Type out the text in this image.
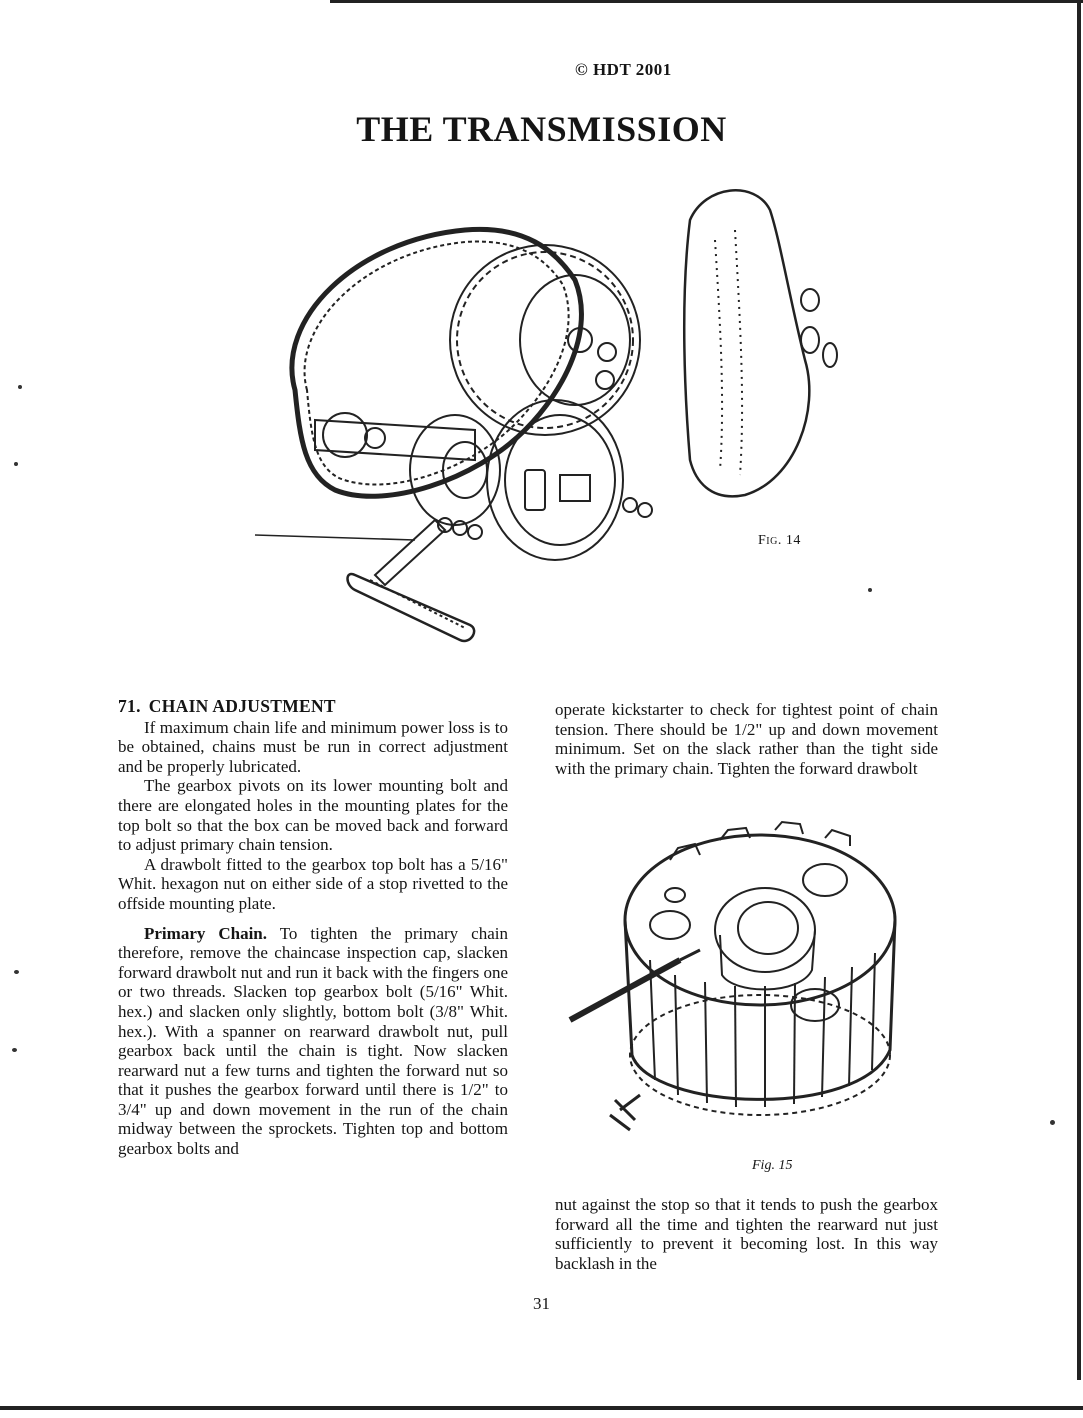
© HDT 2001
THE TRANSMISSION
Fig. 14
71. CHAIN ADJUSTMENT

If maximum chain life and minimum power loss is to be obtained, chains must be run in correct adjustment and be properly lubricated.

The gearbox pivots on its lower mounting bolt and there are elongated holes in the mounting plates for the top bolt so that the box can be moved back and forward to adjust primary chain tension.

A drawbolt fitted to the gearbox top bolt has a 5/16" Whit. hexagon nut on either side of a stop rivetted to the offside mounting plate.

Primary Chain. To tighten the primary chain therefore, remove the chaincase inspection cap, slacken forward drawbolt nut and run it back with the fingers one or two threads. Slacken top gearbox bolt (5/16" Whit. hex.) and slacken only slightly, bottom bolt (3/8" Whit. hex.). With a spanner on rearward drawbolt nut, pull gearbox back until the chain is tight. Now slacken rearward nut a few turns and tighten the forward nut so that it pushes the gearbox forward until there is 1/2" to 3/4" up and down movement in the run of the chain midway between the sprockets. Tighten top and bottom gearbox bolts and

operate kickstarter to check for tightest point of chain tension. There should be 1/2" up and down movement minimum. Set on the slack rather than the tight side with the primary chain. Tighten the forward drawbolt
Fig. 15
nut against the stop so that it tends to push the gearbox forward all the time and tighten the rearward nut just sufficiently to prevent it becoming lost. In this way backlash in the
31
